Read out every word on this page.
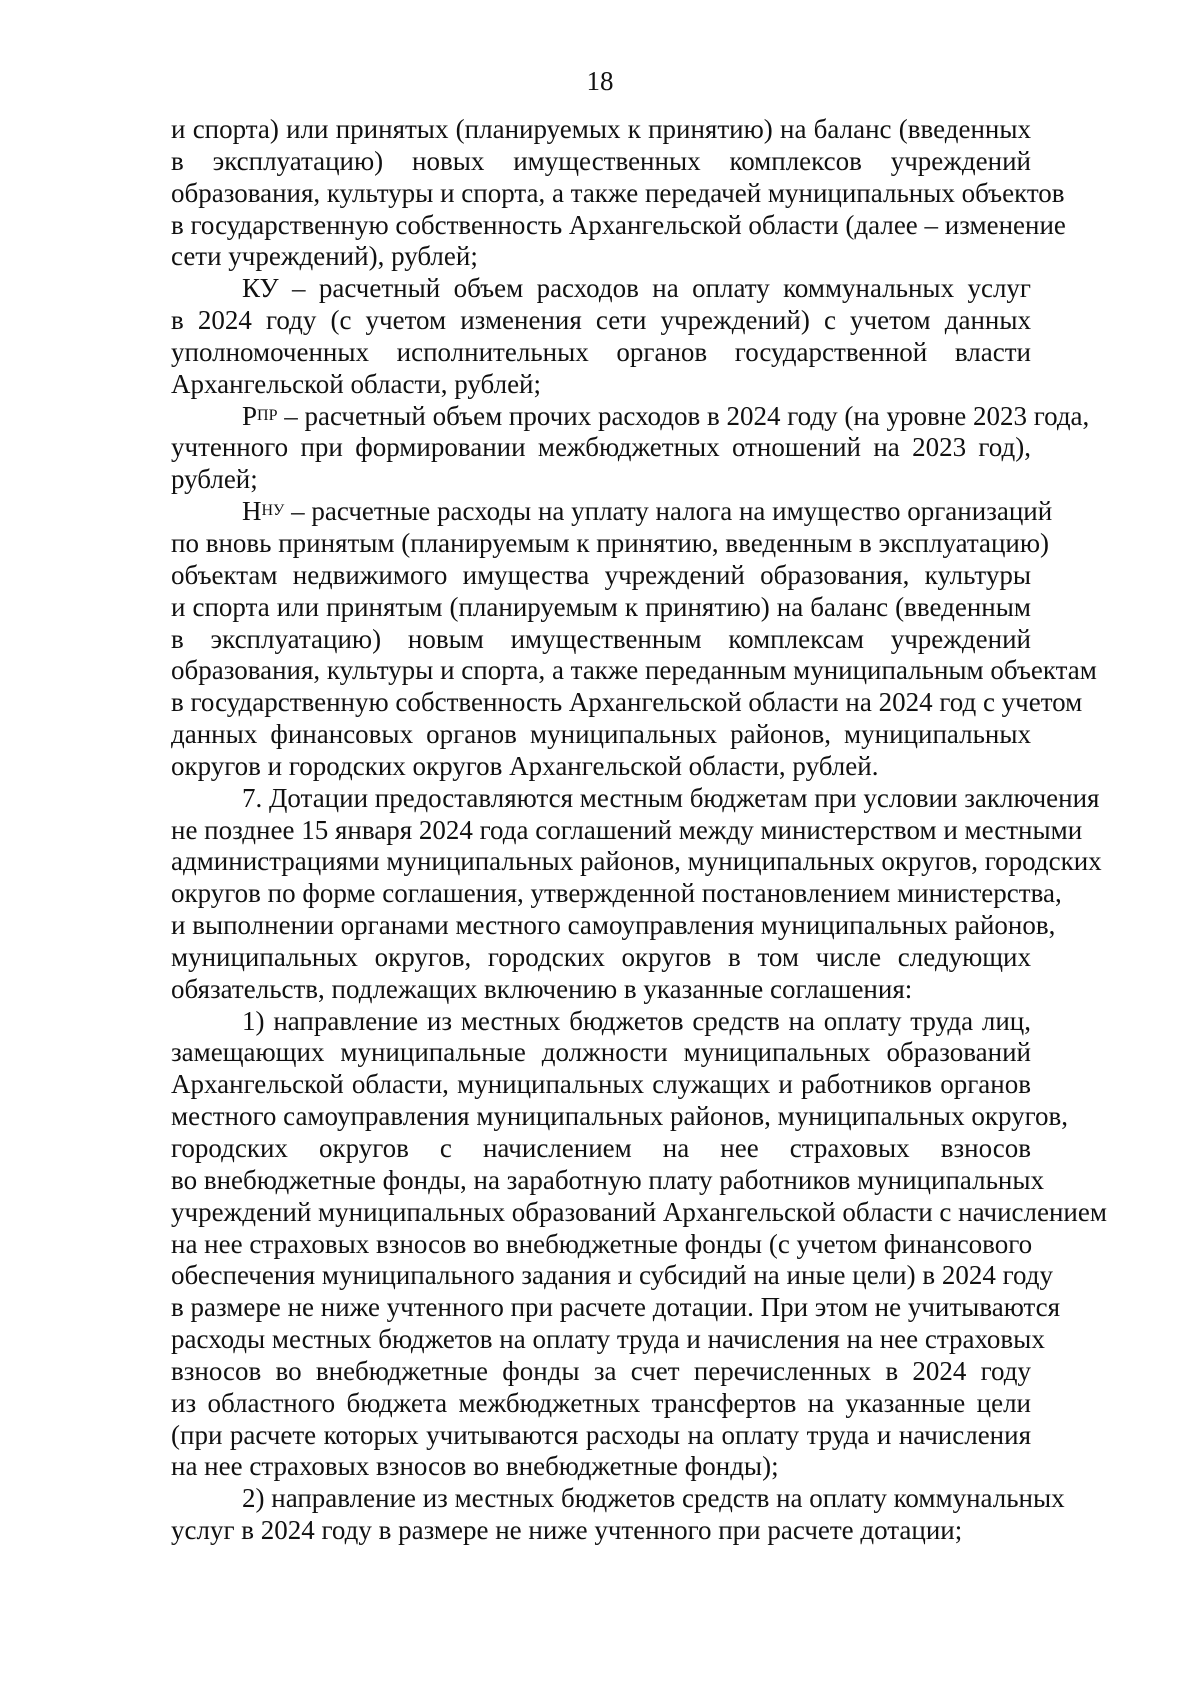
18
и спорта) или принятых (планируемых к принятию) на баланс (введенных
в эксплуатацию) новых имущественных комплексов учреждений
образования, культуры и спорта, а также передачей муниципальных объектов
в государственную собственность Архангельской области (далее – изменение
сети учреждений), рублей;
КУ – расчетный объем расходов на оплату коммунальных услуг
в 2024 году (с учетом изменения сети учреждений) с учетом данных
уполномоченных исполнительных органов государственной власти
Архангельской области, рублей;
$Р^{ПР}$ – расчетный объем прочих расходов в 2024 году (на уровне 2023 года,
учтенного при формировании межбюджетных отношений на 2023 год),
рублей;
$Н^{НУ}$ – расчетные расходы на уплату налога на имущество организаций
по вновь принятым (планируемым к принятию, введенным в эксплуатацию)
объектам недвижимого имущества учреждений образования, культуры
и спорта или принятым (планируемым к принятию) на баланс (введенным
в эксплуатацию) новым имущественным комплексам учреждений
образования, культуры и спорта, а также переданным муниципальным объектам
в государственную собственность Архангельской области на 2024 год с учетом
данных финансовых органов муниципальных районов, муниципальных
округов и городских округов Архангельской области, рублей.
7. Дотации предоставляются местным бюджетам при условии заключения
не позднее 15 января 2024 года соглашений между министерством и местными
администрациями муниципальных районов, муниципальных округов, городских
округов по форме соглашения, утвержденной постановлением министерства,
и выполнении органами местного самоуправления муниципальных районов,
муниципальных округов, городских округов в том числе следующих
обязательств, подлежащих включению в указанные соглашения:
1) направление из местных бюджетов средств на оплату труда лиц,
замещающих муниципальные должности муниципальных образований
Архангельской области, муниципальных служащих и работников органов
местного самоуправления муниципальных районов, муниципальных округов,
городских округов с начислением на нее страховых взносов
во внебюджетные фонды, на заработную плату работников муниципальных
учреждений муниципальных образований Архангельской области с начислением
на нее страховых взносов во внебюджетные фонды (с учетом финансового
обеспечения муниципального задания и субсидий на иные цели) в 2024 году
в размере не ниже учтенного при расчете дотации. При этом не учитываются
расходы местных бюджетов на оплату труда и начисления на нее страховых
взносов во внебюджетные фонды за счет перечисленных в 2024 году
из областного бюджета межбюджетных трансфертов на указанные цели
(при расчете которых учитываются расходы на оплату труда и начисления
на нее страховых взносов во внебюджетные фонды);
2) направление из местных бюджетов средств на оплату коммунальных
услуг в 2024 году в размере не ниже учтенного при расчете дотации;
